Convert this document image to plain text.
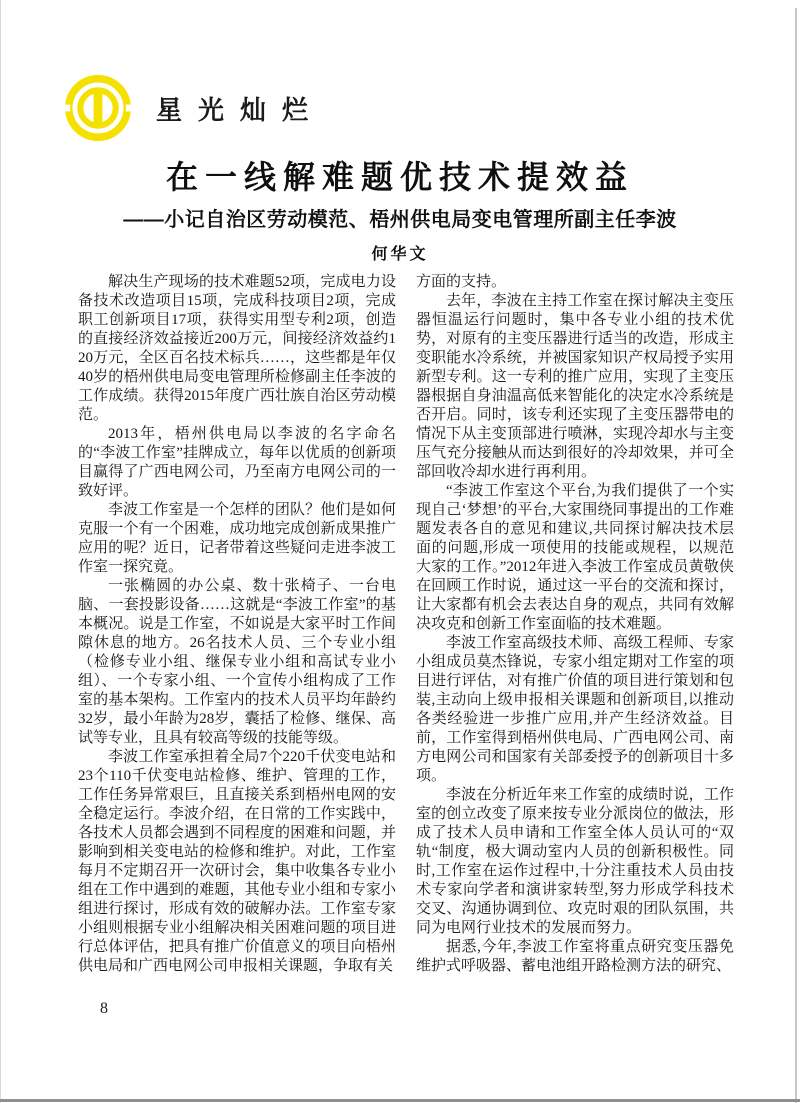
星光灿烂
在一线解难题优技术提效益
——小记自治区劳动模范、梧州供电局变电管理所副主任李波
何华文

解决生产现场的技术难题52项，完成电力设备技术改造项目15项，完成科技项目2项，完成职工创新项目17项，获得实用型专利2项，创造的直接经济效益接近200万元，间接经济效益约120万元，全区百名技术标兵……，这些都是年仅40岁的梧州供电局变电管理所检修副主任李波的工作成绩。获得2015年度广西壮族自治区劳动模范。

2013年，梧州供电局以李波的名字命名的“李波工作室”挂牌成立，每年以优质的创新项目赢得了广西电网公司，乃至南方电网公司的一致好评。

李波工作室是一个怎样的团队？他们是如何克服一个有一个困难，成功地完成创新成果推广应用的呢？近日，记者带着这些疑问走进李波工作室一探究竟。

一张椭圆的办公桌、数十张椅子、一台电脑、一套投影设备……这就是“李波工作室”的基本概况。说是工作室，不如说是大家平时工作间隙休息的地方。26名技术人员、三个专业小组（检修专业小组、继保专业小组和高试专业小组）、一个专家小组、一个宣传小组构成了工作室的基本架构。工作室内的技术人员平均年龄约32岁，最小年龄为28岁，囊括了检修、继保、高试等专业，且具有较高等级的技能等级。

李波工作室承担着全局7个220千伏变电站和23个110千伏变电站检修、维护、管理的工作，工作任务异常艰巨，且直接关系到梧州电网的安全稳定运行。李波介绍，在日常的工作实践中，各技术人员都会遇到不同程度的困难和问题，并影响到相关变电站的检修和维护。对此，工作室每月不定期召开一次研讨会，集中收集各专业小组在工作中遇到的难题，其他专业小组和专家小组进行探讨，形成有效的破解办法。工作室专家小组则根据专业小组解决相关困难问题的项目进行总体评估，把具有推广价值意义的项目向梧州供电局和广西电网公司申报相关课题，争取有关

方面的支持。

去年，李波在主持工作室在探讨解决主变压器恒温运行问题时，集中各专业小组的技术优势，对原有的主变压器进行适当的改造，形成主变职能水冷系统，并被国家知识产权局授予实用新型专利。这一专利的推广应用，实现了主变压器根据自身油温高低来智能化的决定水冷系统是否开启。同时，该专利还实现了主变压器带电的情况下从主变顶部进行喷淋，实现冷却水与主变压气充分接触从而达到很好的冷却效果，并可全部回收冷却水进行再利用。

“李波工作室这个平台,为我们提供了一个实现自己‘梦想’的平台,大家围绕同事提出的工作难题发表各自的意见和建议,共同探讨解决技术层面的问题,形成一项使用的技能或规程，以规范大家的工作。”2012年进入李波工作室成员黄敬侠在回顾工作时说，通过这一平台的交流和探讨，让大家都有机会去表达自身的观点，共同有效解决攻克和创新工作室面临的技术难题。

李波工作室高级技术师、高级工程师、专家小组成员莫杰锋说，专家小组定期对工作室的项目进行评估，对有推广价值的项目进行策划和包装,主动向上级申报相关课题和创新项目,以推动各类经验进一步推广应用,并产生经济效益。目前，工作室得到梧州供电局、广西电网公司、南方电网公司和国家有关部委授予的创新项目十多项。

李波在分析近年来工作室的成绩时说，工作室的创立改变了原来按专业分派岗位的做法，形成了技术人员申请和工作室全体人员认可的“双轨“制度，极大调动室内人员的创新积极性。同时,工作室在运作过程中,十分注重技术人员由技术专家向学者和演讲家转型,努力形成学科技术交叉、沟通协调到位、攻克时艰的团队氛围，共同为电网行业技术的发展而努力。

据悉,今年,李波工作室将重点研究变压器免维护式呼吸器、蓄电池组开路检测方法的研究、

8
